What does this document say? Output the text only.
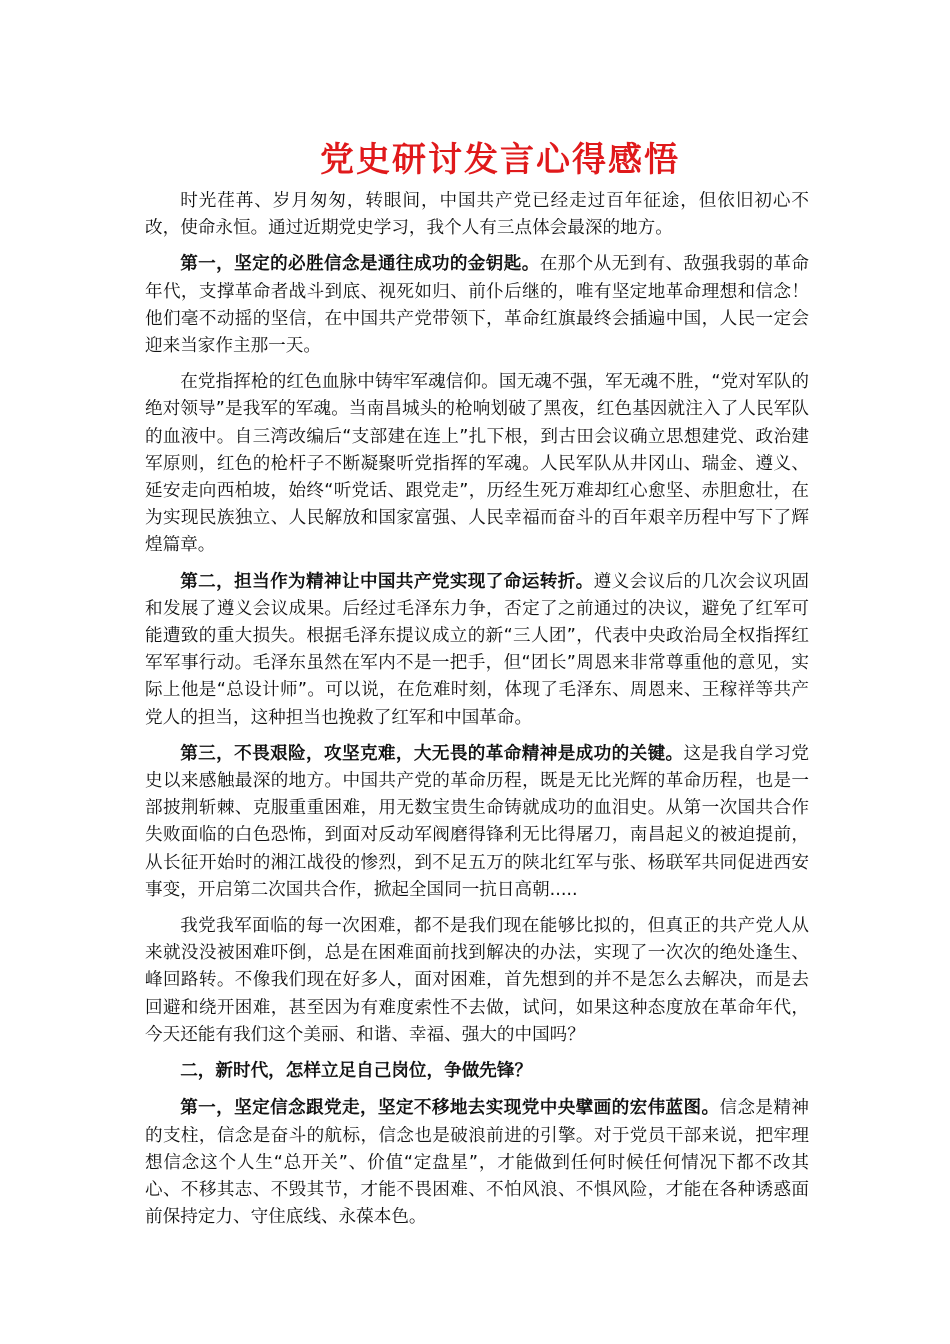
党史研讨发言心得感悟

时光荏苒、岁月匆匆，转眼间，中国共产党已经走过百年征途，但依旧初心不改，使命永恒。通过近期党史学习，我个人有三点体会最深的地方。

第一，坚定的必胜信念是通往成功的金钥匙。在那个从无到有、敌强我弱的革命年代，支撑革命者战斗到底、视死如归、前仆后继的，唯有坚定地革命理想和信念！他们毫不动摇的坚信，在中国共产党带领下，革命红旗最终会插遍中国，人民一定会迎来当家作主那一天。

在党指挥枪的红色血脉中铸牢军魂信仰。国无魂不强，军无魂不胜，“党对军队的绝对领导”是我军的军魂。当南昌城头的枪响划破了黑夜，红色基因就注入了人民军队的血液中。自三湾改编后“支部建在连上”扎下根，到古田会议确立思想建党、政治建军原则，红色的枪杆子不断凝聚听党指挥的军魂。人民军队从井冈山、瑞金、遵义、延安走向西柏坡，始终“听党话、跟党走”，历经生死万难却红心愈坚、赤胆愈壮，在为实现民族独立、人民解放和国家富强、人民幸福而奋斗的百年艰辛历程中写下了辉煌篇章。

第二，担当作为精神让中国共产党实现了命运转折。遵义会议后的几次会议巩固和发展了遵义会议成果。后经过毛泽东力争，否定了之前通过的决议，避免了红军可能遭致的重大损失。根据毛泽东提议成立的新“三人团”，代表中央政治局全权指挥红军军事行动。毛泽东虽然在军内不是一把手，但“团长”周恩来非常尊重他的意见，实际上他是“总设计师”。可以说，在危难时刻，体现了毛泽东、周恩来、王稼祥等共产党人的担当，这种担当也挽救了红军和中国革命。

第三，不畏艰险，攻坚克难，大无畏的革命精神是成功的关键。这是我自学习党史以来感触最深的地方。中国共产党的革命历程，既是无比光辉的革命历程，也是一部披荆斩棘、克服重重困难，用无数宝贵生命铸就成功的血泪史。从第一次国共合作失败面临的白色恐怖，到面对反动军阀磨得锋利无比得屠刀，南昌起义的被迫提前，从长征开始时的湘江战役的惨烈，到不足五万的陕北红军与张、杨联军共同促进西安事变，开启第二次国共合作，掀起全国同一抗日高朝.....

我党我军面临的每一次困难，都不是我们现在能够比拟的，但真正的共产党人从来就没没被困难吓倒，总是在困难面前找到解决的办法，实现了一次次的绝处逢生、峰回路转。不像我们现在好多人，面对困难，首先想到的并不是怎么去解决，而是去回避和绕开困难，甚至因为有难度索性不去做，试问，如果这种态度放在革命年代，今天还能有我们这个美丽、和谐、幸福、强大的中国吗？

二，新时代，怎样立足自己岗位，争做先锋？

第一，坚定信念跟党走，坚定不移地去实现党中央擘画的宏伟蓝图。信念是精神的支柱，信念是奋斗的航标，信念也是破浪前进的引擎。对于党员干部来说，把牢理想信念这个人生“总开关”、价值“定盘星”，才能做到任何时候任何情况下都不改其心、不移其志、不毁其节，才能不畏困难、不怕风浪、不惧风险，才能在各种诱惑面前保持定力、守住底线、永葆本色。
